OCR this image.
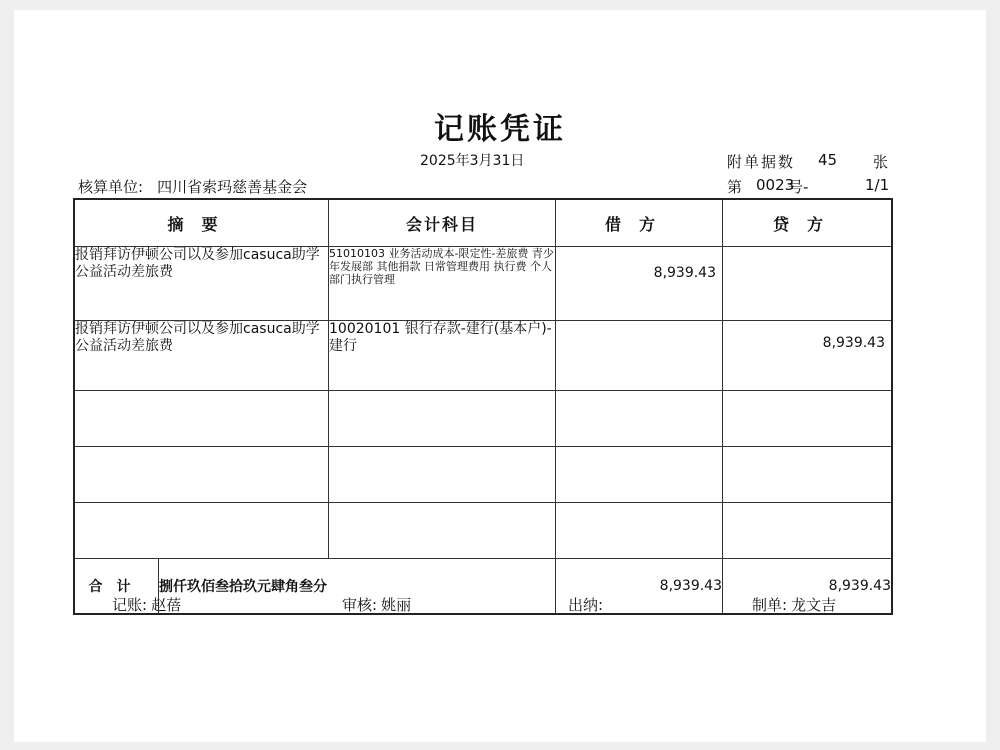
记账凭证
2025年3月31日
核算单位: 四川省索玛慈善基金会
附单据数 45 张
第 0023
号-	1/1
摘要		会计科目	借方	贷方
报销拜访伊顿公司以及参加casuca助学公益活动差旅费		51010103 业务活动成本-限定性-差旅费 青少年发展部 其他捐款 日常管理费用 执行费 个人 部门执行管理	8,939.43	
报销拜访伊顿公司以及参加casuca助学公益活动差旅费		10020101 银行存款-建行(基本户)-建行		8,939.43

合计	捌仟玖佰叁拾玖元肆角叁分		8,939.43	8,939.43
记账: 赵蓓	审核: 姚丽	出纳:	制单: 龙文吉
